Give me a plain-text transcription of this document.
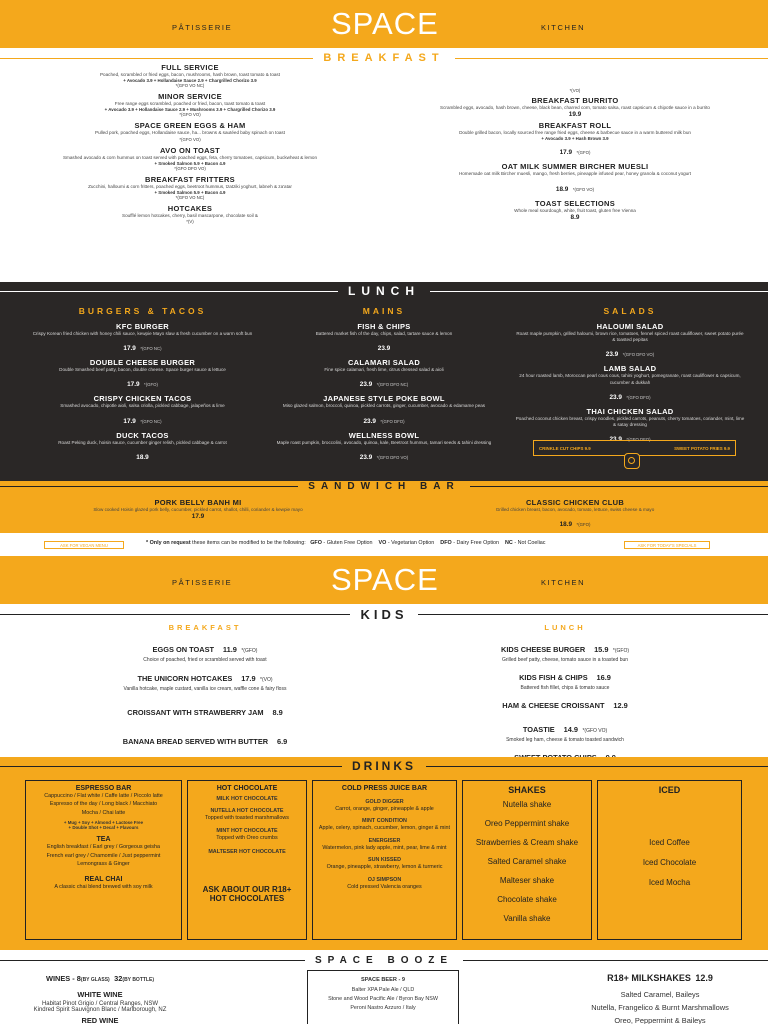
PÂTISSERIE	SPACE	KITCHEN
BREAKFAST
FULL SERVICE
Poached, scrambled or fried eggs, bacon, mushrooms, hash brown, toast tomato & toast
+ Avocado 3.9 + Hollandaise Sauce 2.9 + Chargrilled Chorizo 3.9
*(GFO VO NC)
MINOR SERVICE
Free range eggs scrambled, poached or fried, bacon, toast tomato & toast
+ Avocado 3.9 + Hollandaise Sauce 2.9 + Mushrooms 3.9 + Chargrilled Chorizo 3.9
*(GFO VO)
SPACE GREEN EGGS & HAM
Pulled pork, poached eggs, Hollandaise sauce, ha... browns & sautéed baby spinach on toast
*(GFO VO)
AVO ON TOAST
Smashed avocado & corn hummus on toast served with poached eggs, feta, cherry tomatoes, capsicum, buckwheat & lemon
+ Smoked Salmon 5.9 + Bacon 4.9
*(GFO DFO VO)
BREAKFAST FRITTERS
Zucchini, halloumi & corn fritters, poached eggs, beetroot hummus, tzatziki yoghurt, labneh & za'atar
+ Smoked Salmon 5.9 + Bacon 4.9
*(GFO VO NC)
HOTCAKES
Soufflé lemon hotcakes, cherry, basil mascarpone, chocolate soil &
*(V)
*(VO)
BREAKFAST BURRITO
Scrambled eggs, avocado, hash brown, cheese, black bean, charred corn, tomato salsa, roast capsicum & chipotle sauce in a burrito
19.9
BREAKFAST ROLL
Double grilled bacon, locally sourced free range fried eggs, cheese & barbecue sauce in a warm buttered milk bun
+ Avocado 3.9 + Hash Brown 3.9
17.9 *(GFO)
OAT MILK SUMMER BIRCHER MUESLI
Homemade oat milk Bircher muesli, mango, fresh berries, pineapple infused pear, honey granola & coconut yogurt
18.9 *(GFO VO)
TOAST SELECTIONS
Whole meal sourdough, white, fruit toast, gluten free Vienna
8.9
LUNCH
BURGERS & TACOS
KFC BURGER
Crispy Korean fried chicken with honey chili sauce, kewpie Mayo slaw & fresh cucumber on a warm soft bun
17.9 *(GFO NC)
DOUBLE CHEESE BURGER
Double Smashed beef patty, bacon, double cheese. Space burger sauce & lettuce
17.9 *(GFO)
CRISPY CHICKEN TACOS
Smashed avocado, chipotle aioli, salsa criolla, pickled cabbage, jalapeños & lime
17.9 *(GFO NC)
DUCK TACOS
Roast Peking duck, hoisin sauce, cucumber ginger relish, pickled cabbage & carrot
18.9
MAINS
FISH & CHIPS
Battered market fish of the day, chips, salad, tartare sauce & lemon
23.9
CALAMARI SALAD
Fine spice calamari, fresh lime, citrus dressed salad & aioli
23.9 *(GFO DFO NC)
JAPANESE STYLE POKE BOWL
Miso glazed salmon, broccoli, quinoa, pickled carrots, ginger, cucumber, avocado & edamame peas
23.9 *(GFO DFO)
WELLNESS BOWL
Maple roast pumpkin, broccolini, avocado, quinoa, kale, Beetroot hummus, tamari seeds & tahini dressing
23.9 *(GFO DFO VO)
SALADS
HALOUMI SALAD
Roast maple pumpkin, grilled haloumi, brown rice, tomatoes, fennel spiced roast cauliflower, sweet potato purée & toasted pepitas
23.9 *(GFO DFO VO)
LAMB SALAD
24 hour roasted lamb, Moroccan pearl cous cous, tahini yoghurt, pomegranate, roast cauliflower & capsicum, cucumber & dukkah
23.9 *(GFO DFO)
THAI CHICKEN SALAD
Poached coconut chicken breast, crispy noodles, pickled carrots, peanuts, cherry tomatoes, coriander, mint, lime & satay dressing
23.9 *(GFO DFO)
CRINKLE CUT CHIPS 9.9	SWEET POTATO FRIES 9.9
SANDWICH BAR
PORK BELLY BANH MI
Slow cooked Hoisin glazed pork belly, cucumber, pickled carrot, shallot, chilli, coriander & kewpie mayo
17.9
CLASSIC CHICKEN CLUB
Grilled chicken breast, bacon, avocado, tomato, lettuce, swiss cheese & mayo
18.9 *(GFO)
ASK FOR VEGAN MENU	* Only on request these items can be modified to be the following: GFO - Gluten Free Option VO - Vegetarian Option DFO - Dairy Free Option NC - Not Coeliac	ASK FOR TODAY'S SPECIALS
PÂTISSERIE	SPACE	KITCHEN
KIDS
BREAKFAST	LUNCH
EGGS ON TOAST 11.9 *(GFO)
Choice of poached, fried or scrambled served with toast
THE UNICORN HOTCAKES 17.9 *(VO)
Vanilla hotcake, maple custard, vanilla ice cream, waffle cone & fairy floss
CROISSANT WITH STRAWBERRY JAM 8.9
BANANA BREAD SERVED WITH BUTTER 6.9
KIDS CHEESE BURGER 15.9 *(GFO)
Grilled beef patty, cheese, tomato sauce in a toasted bun
KIDS FISH & CHIPS 16.9
Battered fish fillet, chips & tomato sauce
HAM & CHEESE CROISSANT 12.9
TOASTIE 14.9 *(GFO VO)
Smoked leg ham, cheese & tomato toasted sandwich

DRINKS
ESPRESSO BAR
Cappuccino / Flat white / Caffe latte / Piccolo latte
Espresso of the day / Long black / Macchiato
Mocha / Chai latte
+ Mug + Soy + Almond + Lactose Free
+ Double Shot + Decaf + Flavours
TEA
English breakfast / Earl grey / Gorgeous geisha
French earl grey / Chamomile / Just peppermint
Lemongrass & Ginger
REAL CHAI
A classic chai blend brewed with soy milk
HOT CHOCOLATE
MILK HOT CHOCOLATE
NUTELLA HOT CHOCOLATE
Topped with toasted marshmallows
MINT HOT CHOCOLATE
Topped with Oreo crumbs
MALTESER HOT CHOCOLATE
ASK ABOUT OUR R18+ HOT CHOCOLATES
COLD PRESS JUICE BAR
GOLD DIGGER
Carrot, orange, ginger, pineapple & apple
MINT CONDITION
Apple, celery, spinach, cucumber, lemon, ginger & mint
ENERGISER
Watermelon, pink lady apple, mint, pear, lime & mint
SUN KISSED
Orange, pineapple, strawberry, lemon & turmeric
OJ SIMPSON
Cold pressed Valencia oranges
SHAKES
Nutella shake
Oreo Peppermint shake
Strawberries & Cream shake
Salted Caramel shake
Malteser shake
Chocolate shake
Vanilla shake
ICED
Iced Coffee
Iced Chocolate
Iced Mocha
SPACE BOOZE
WINES - 8(BY GLASS) 32(BY BOTTLE)
WHITE WINE
Habitat Pinot Grigio / Central Ranges, NSW
Kindred Spirit Sauvignon Blanc / Marlborough, NZ
RED WINE
SPACE BEER - 9
Balter XPA Pale Ale / QLD
Stone and Wood Pacific Ale / Byron Bay NSW
Peroni Nastro Azzuro / Italy
R18+ MILKSHAKES 12.9
Salted Caramel, Baileys
Nutella, Frangelico & Burnt Marshmallows
Oreo, Peppermint & Baileys
